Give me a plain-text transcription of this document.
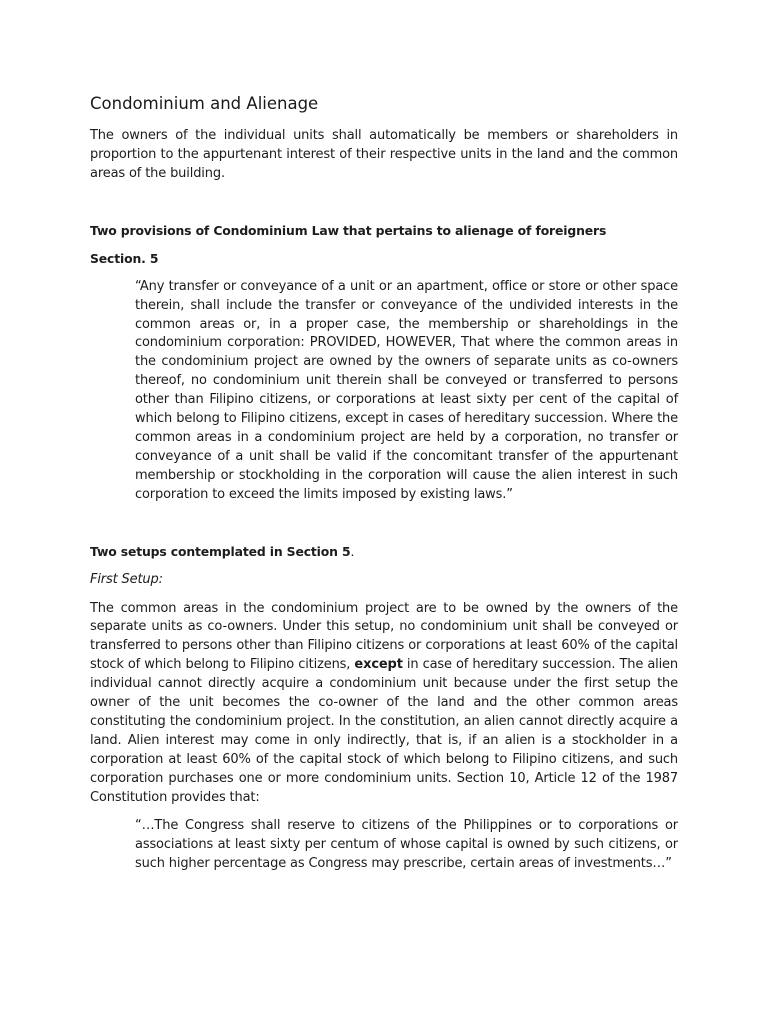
Condominium and Alienage

The owners of the individual units shall automatically be members or shareholders in proportion to the appurtenant interest of their respective units in the land and the common areas of the building.

Two provisions of Condominium Law that pertains to alienage of foreigners

Section. 5

“Any transfer or conveyance of a unit or an apartment, office or store or other space therein, shall include the transfer or conveyance of the undivided interests in the common areas or, in a proper case, the membership or shareholdings in the condominium corporation: PROVIDED, HOWEVER, That where the common areas in the condominium project are owned by the owners of separate units as co-owners thereof, no condominium unit therein shall be conveyed or transferred to persons other than Filipino citizens, or corporations at least sixty per cent of the capital of which belong to Filipino citizens, except in cases of hereditary succession. Where the common areas in a condominium project are held by a corporation, no transfer or conveyance of a unit shall be valid if the concomitant transfer of the appurtenant membership or stockholding in the corporation will cause the alien interest in such corporation to exceed the limits imposed by existing laws.”

Two setups contemplated in Section 5.

First Setup:

The common areas in the condominium project are to be owned by the owners of the separate units as co-owners. Under this setup, no condominium unit shall be conveyed or transferred to persons other than Filipino citizens or corporations at least 60% of the capital stock of which belong to Filipino citizens, except in case of hereditary succession. The alien individual cannot directly acquire a condominium unit because under the first setup the owner of the unit becomes the co-owner of the land and the other common areas constituting the condominium project. In the constitution, an alien cannot directly acquire a land. Alien interest may come in only indirectly, that is, if an alien is a stockholder in a corporation at least 60% of the capital stock of which belong to Filipino citizens, and such corporation purchases one or more condominium units. Section 10, Article 12 of the 1987 Constitution provides that:

“…The Congress shall reserve to citizens of the Philippines or to corporations or associations at least sixty per centum of whose capital is owned by such citizens, or such higher percentage as Congress may prescribe, certain areas of investments…”
